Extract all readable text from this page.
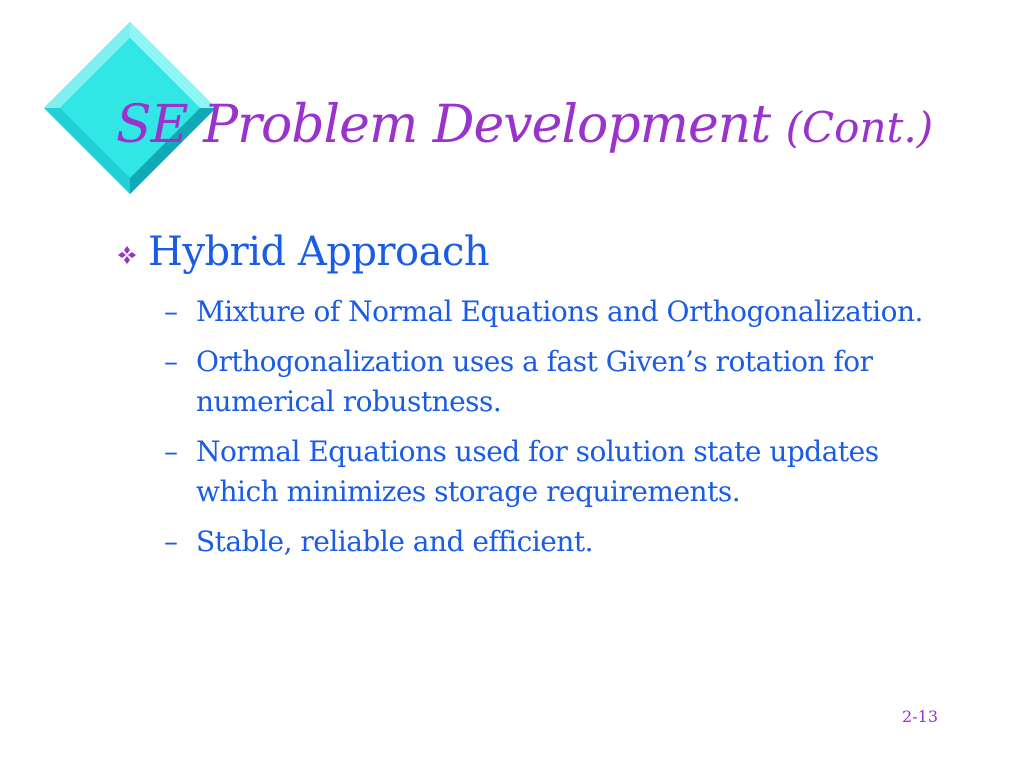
SE Problem Development (Cont.)
Hybrid Approach
– Mixture of Normal Equations and Orthogonalization.
– Orthogonalization uses a fast Given’s rotation for numerical robustness.
– Normal Equations used for solution state updates which minimizes storage requirements.
– Stable, reliable and efficient.
2-13
